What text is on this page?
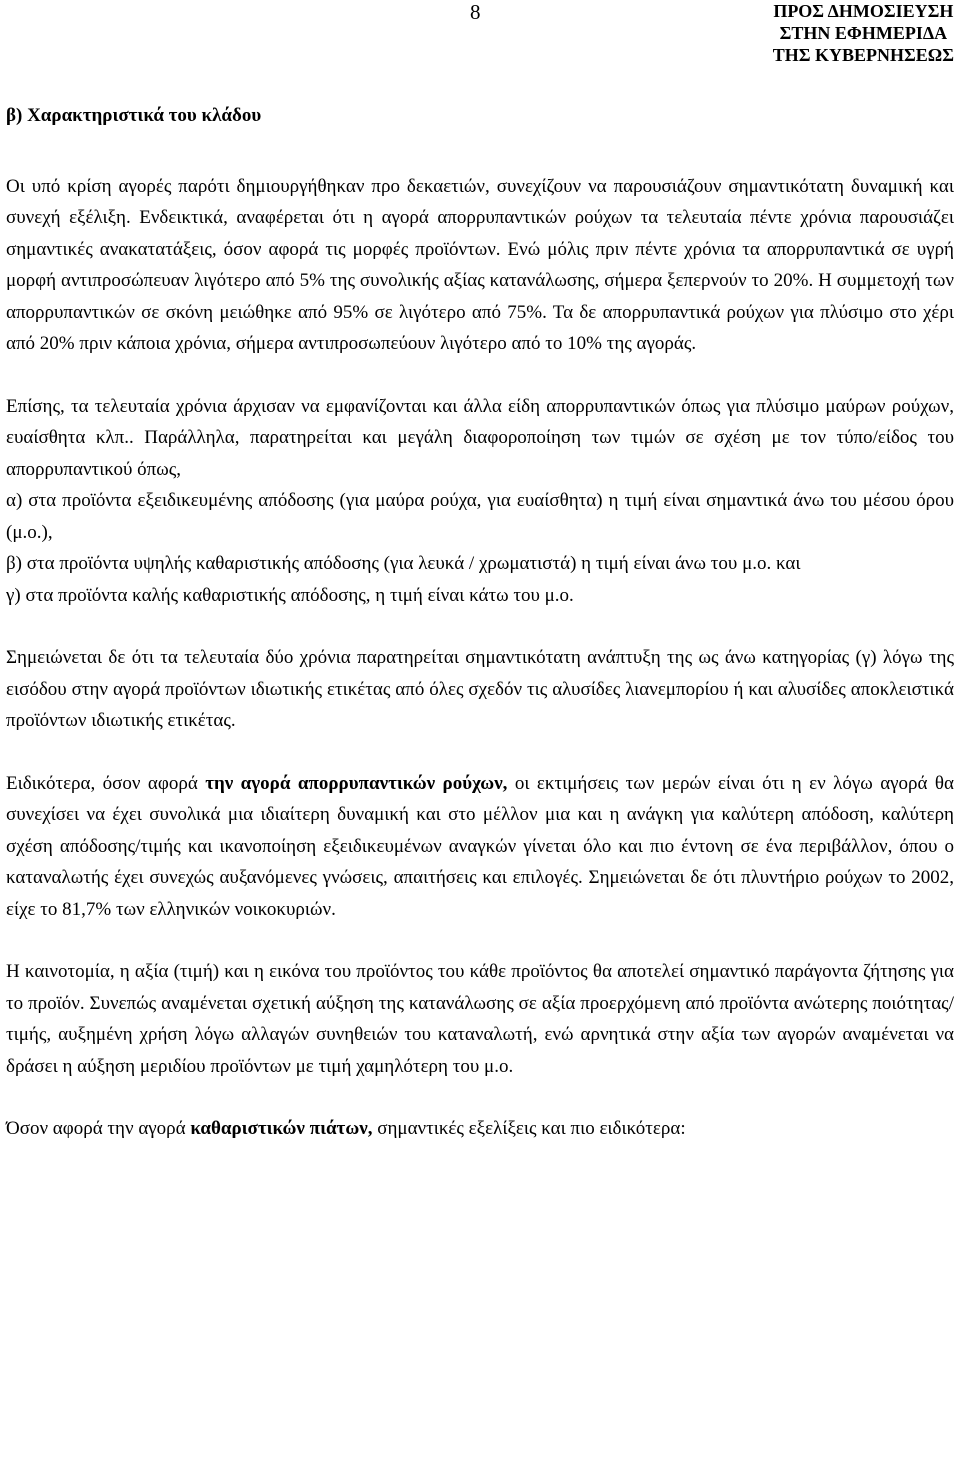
8	ΠΡΟΣ ΔΗΜΟΣΙΕΥΣΗ
ΣΤΗΝ ΕΦΗΜΕΡΙΔΑ
ΤΗΣ ΚΥΒΕΡΝΗΣΕΩΣ
β) Χαρακτηριστικά του κλάδου

Οι υπό κρίση αγορές παρότι δημιουργήθηκαν προ δεκαετιών, συνεχίζουν να παρουσιάζουν σημαντικότατη δυναμική και συνεχή εξέλιξη. Ενδεικτικά, αναφέρεται ότι η αγορά απορρυπαντικών ρούχων τα τελευταία πέντε χρόνια παρουσιάζει σημαντικές ανακατατάξεις, όσον αφορά τις μορφές προϊόντων. Ενώ μόλις πριν πέντε χρόνια τα απορρυπαντικά σε υγρή μορφή αντιπροσώπευαν λιγότερο από 5% της συνολικής αξίας κατανάλωσης, σήμερα ξεπερνούν το 20%. Η συμμετοχή των απορρυπαντικών σε σκόνη μειώθηκε από 95% σε λιγότερο από 75%. Τα δε απορρυπαντικά ρούχων για πλύσιμο στο χέρι από 20% πριν κάποια χρόνια, σήμερα αντιπροσωπεύουν λιγότερο από το 10% της αγοράς.

Επίσης, τα τελευταία χρόνια άρχισαν να εμφανίζονται και άλλα είδη απορρυπαντικών όπως για πλύσιμο μαύρων ρούχων, ευαίσθητα κλπ.. Παράλληλα, παρατηρείται και μεγάλη διαφοροποίηση των τιμών σε σχέση με τον τύπο/είδος του απορρυπαντικού όπως,

α) στα προϊόντα εξειδικευμένης απόδοσης (για μαύρα ρούχα, για ευαίσθητα) η τιμή είναι σημαντικά άνω του μέσου όρου (μ.ο.),

β) στα προϊόντα υψηλής καθαριστικής απόδοσης (για λευκά / χρωματιστά) η τιμή είναι άνω του μ.ο. και

γ) στα προϊόντα καλής καθαριστικής απόδοσης, η τιμή είναι κάτω του μ.ο.

Σημειώνεται δε ότι τα τελευταία δύο χρόνια παρατηρείται σημαντικότατη ανάπτυξη της ως άνω κατηγορίας (γ) λόγω της εισόδου στην αγορά προϊόντων ιδιωτικής ετικέτας από όλες σχεδόν τις αλυσίδες λιανεμπορίου ή και αλυσίδες αποκλειστικά προϊόντων ιδιωτικής ετικέτας.

Ειδικότερα, όσον αφορά την αγορά απορρυπαντικών ρούχων, οι εκτιμήσεις των μερών είναι ότι η εν λόγω αγορά θα συνεχίσει να έχει συνολικά μια ιδιαίτερη δυναμική και στο μέλλον μια και η ανάγκη για καλύτερη απόδοση, καλύτερη σχέση απόδοσης/τιμής και ικανοποίηση εξειδικευμένων αναγκών γίνεται όλο και πιο έντονη σε ένα περιβάλλον, όπου ο καταναλωτής έχει συνεχώς αυξανόμενες γνώσεις, απαιτήσεις και επιλογές. Σημειώνεται δε ότι πλυντήριο ρούχων το 2002, είχε το 81,7% των ελληνικών νοικοκυριών.

Η καινοτομία, η αξία (τιμή) και η εικόνα του προϊόντος του κάθε προϊόντος θα αποτελεί σημαντικό παράγοντα ζήτησης για το προϊόν. Συνεπώς αναμένεται σχετική αύξηση της κατανάλωσης σε αξία προερχόμενη από προϊόντα ανώτερης ποιότητας/τιμής, αυξημένη χρήση λόγω αλλαγών συνηθειών του καταναλωτή, ενώ αρνητικά στην αξία των αγορών αναμένεται να δράσει η αύξηση μεριδίου προϊόντων με τιμή χαμηλότερη του μ.ο.

Όσον αφορά την αγορά καθαριστικών πιάτων, σημαντικές εξελίξεις και πιο ειδικότερα:
